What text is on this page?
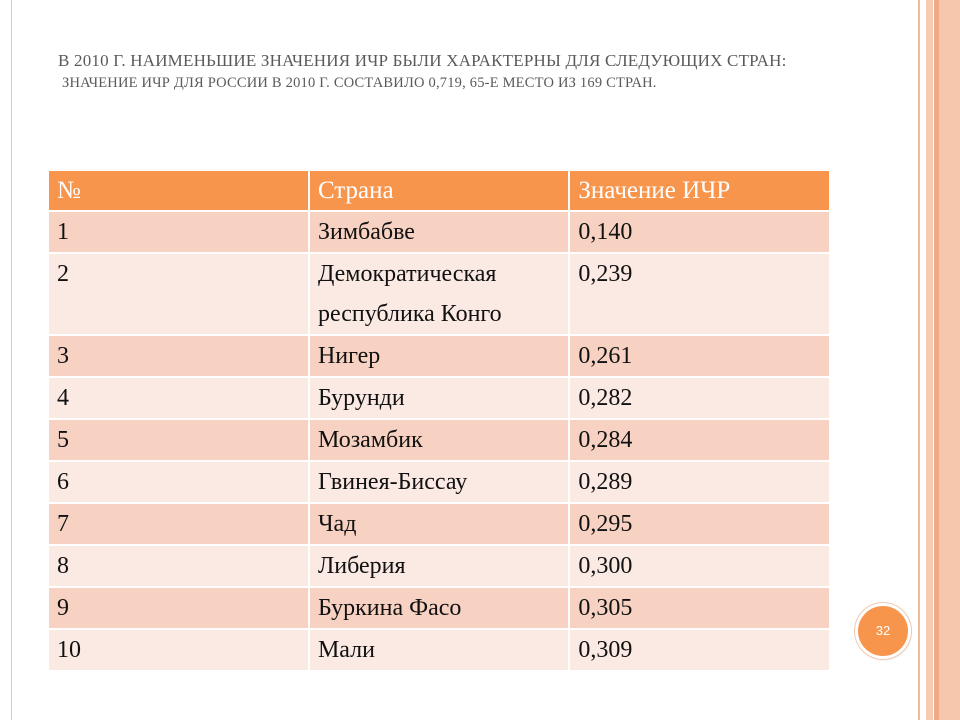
В 2010 Г. НАИМЕНЬШИЕ ЗНАЧЕНИЯ ИЧР БЫЛИ ХАРАКТЕРНЫ ДЛЯ СЛЕДУЮЩИХ СТРАН:
ЗНАЧЕНИЕ ИЧР ДЛЯ РОССИИ В 2010 Г. СОСТАВИЛО 0,719, 65-Е МЕСТО ИЗ 169 СТРАН.
№	Страна	Значение ИЧР
1	Зимбабве	0,140
2	Демократическая республика Конго	0,239
3	Нигер	0,261
4	Бурунди	0,282
5	Мозамбик	0,284
6	Гвинея-Биссау	0,289
7	Чад	0,295
8	Либерия	0,300
9	Буркина Фасо	0,305
10	Мали	0,309
32
